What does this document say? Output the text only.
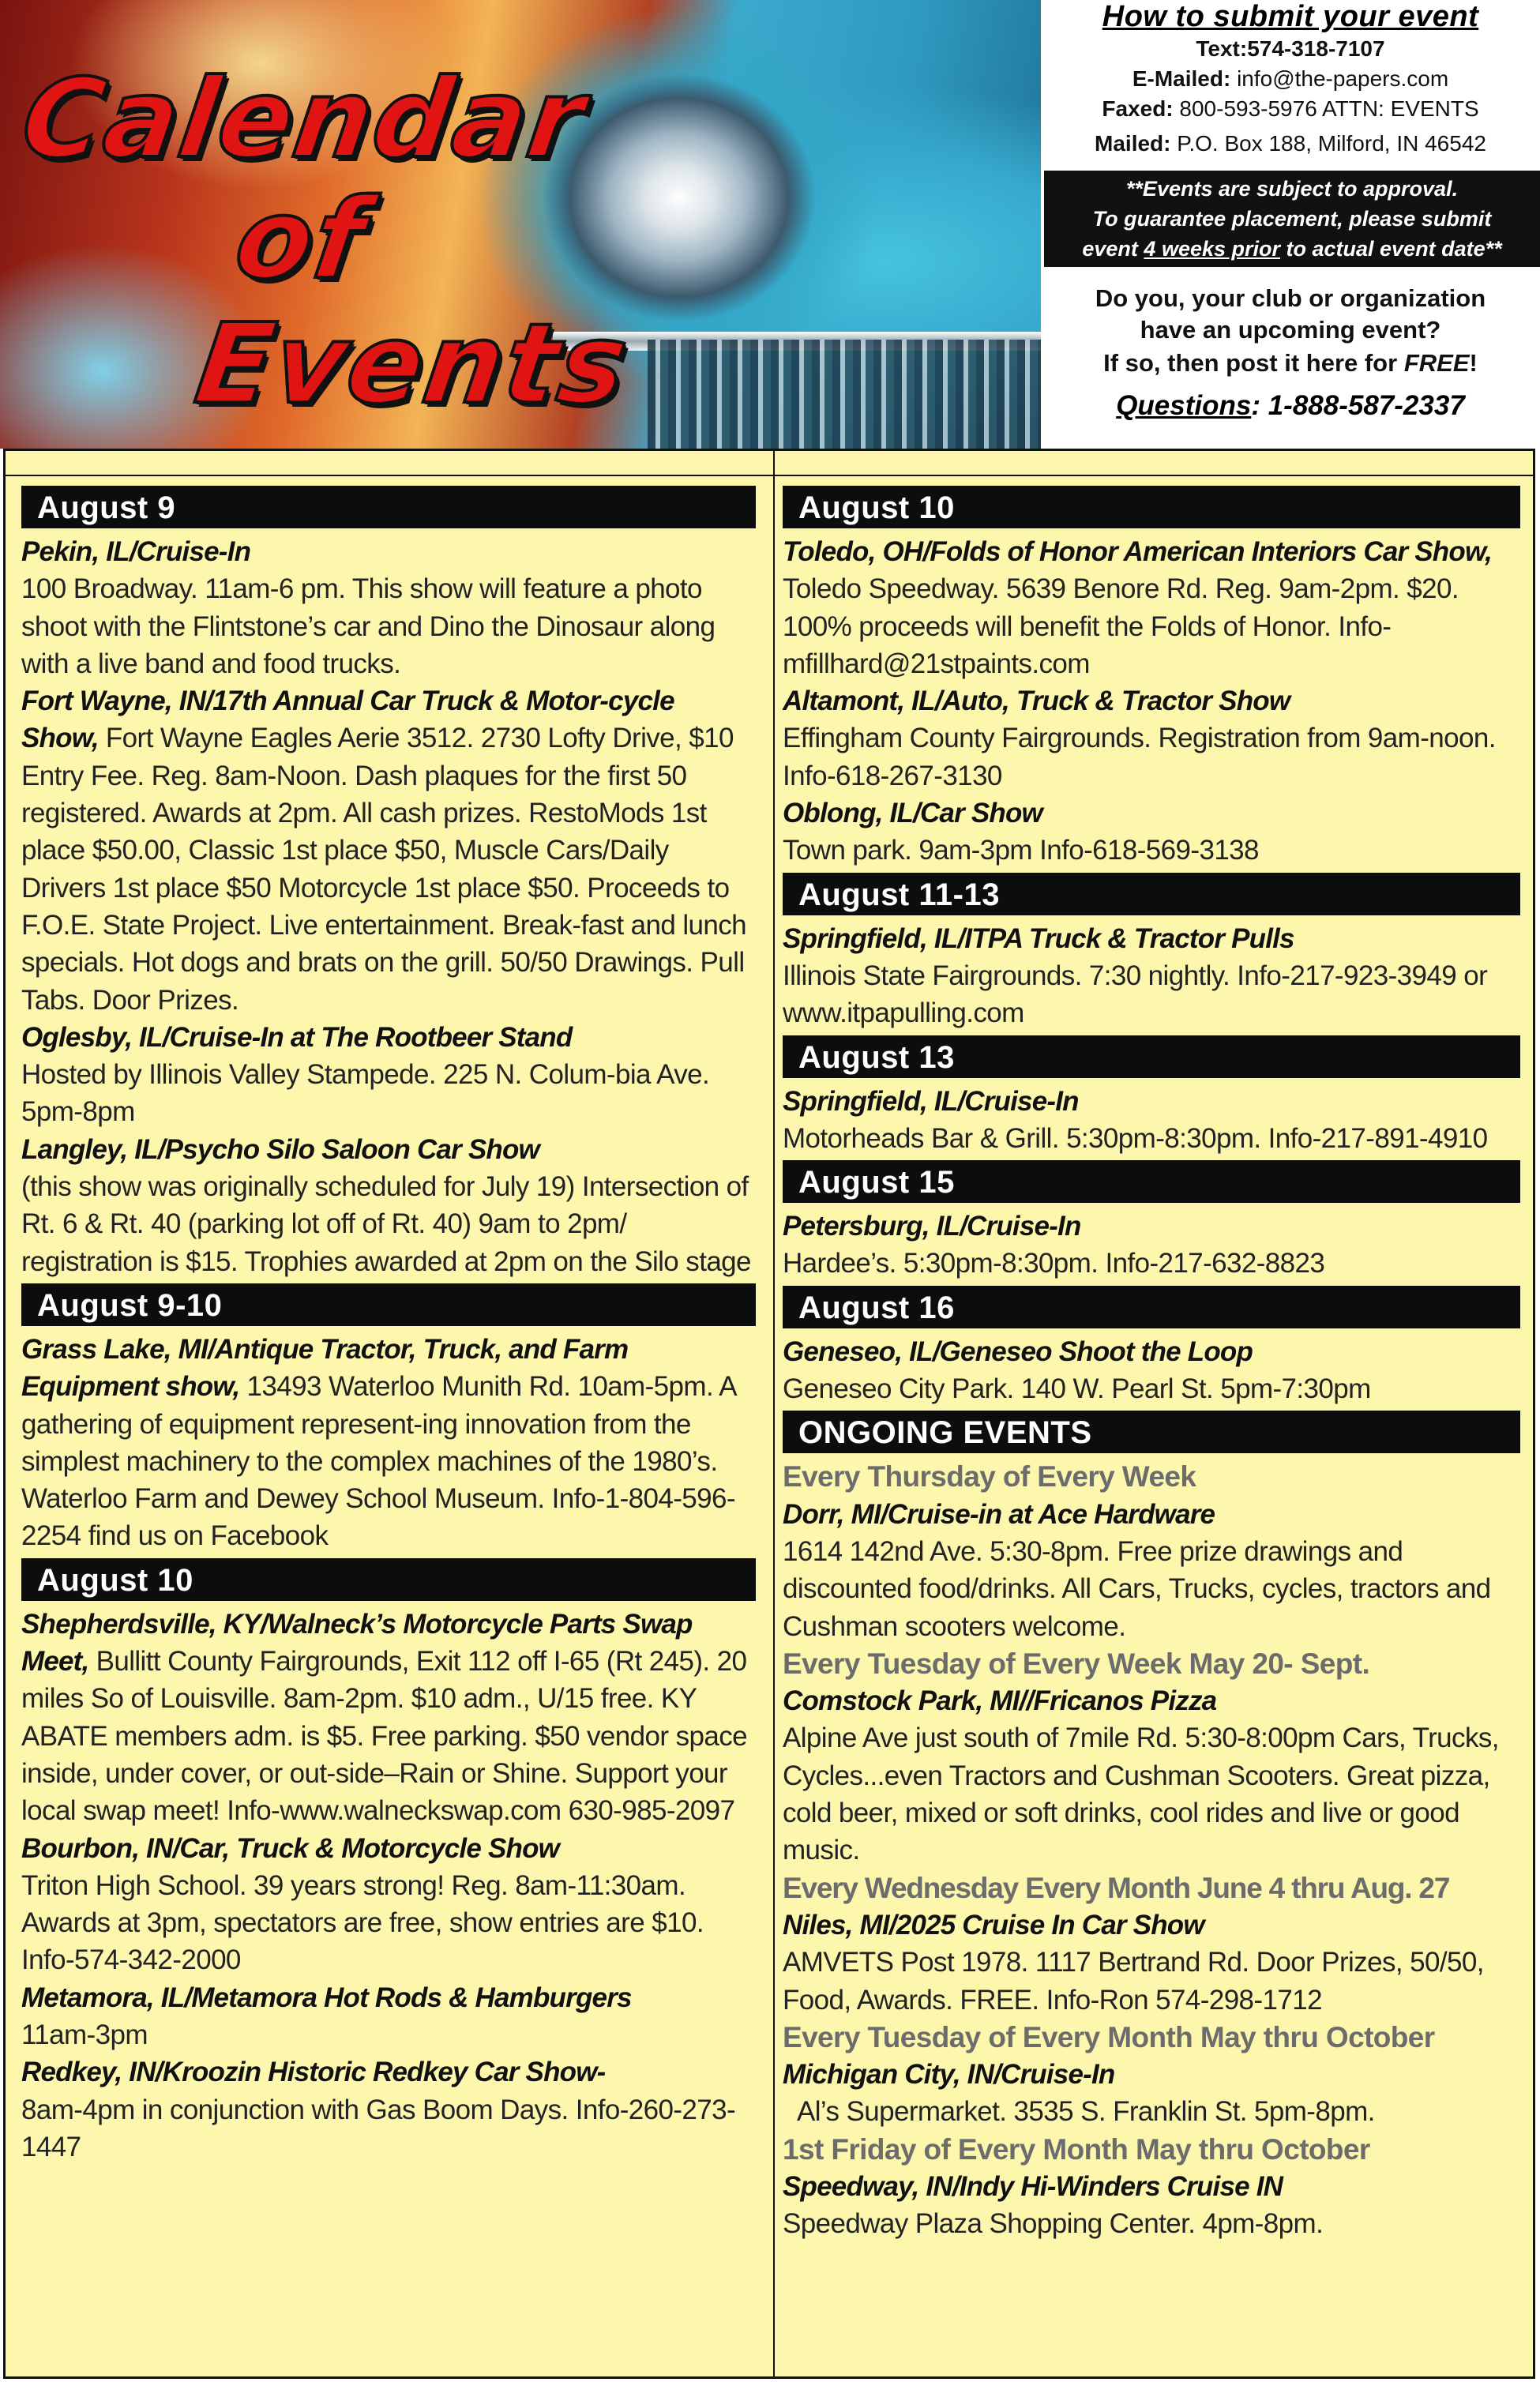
Calendar
of
Events
How to submit your event
Text:574-318-7107
E-Mailed: info@the-papers.com
Faxed: 800-593-5976 ATTN: EVENTS
Mailed: P.O. Box 188, Milford, IN 46542
**Events are subject to approval.
To guarantee placement, please submit
event 4 weeks prior to actual event date**
Do you, your club or organization
have an upcoming event?
If so, then post it here for FREE!
Questions: 1-888-587-2337
August 9

Pekin, IL/Cruise-In
100 Broadway. 11am-6 pm. This show will feature a photo shoot with the Flintstone’s car and Dino the Dinosaur along with a live band and food trucks.

Fort Wayne, IN/17th Annual Car Truck & Motor-cycle Show, Fort Wayne Eagles Aerie 3512. 2730 Lofty Drive, $10 Entry Fee. Reg. 8am-Noon. Dash plaques for the first 50 registered. Awards at 2pm. All cash prizes. RestoMods 1st place $50.00, Classic 1st place $50, Muscle Cars/Daily Drivers 1st place $50 Motorcycle 1st place $50. Proceeds to F.O.E. State Project. Live entertainment. Break-fast and lunch specials. Hot dogs and brats on the grill. 50/50 Drawings. Pull Tabs. Door Prizes.

Oglesby, IL/Cruise-In at The Rootbeer Stand
Hosted by Illinois Valley Stampede. 225 N. Colum-bia Ave. 5pm-8pm

Langley, IL/Psycho Silo Saloon Car Show
(this show was originally scheduled for July 19) Intersection of Rt. 6 & Rt. 40 (parking lot off of Rt. 40) 9am to 2pm/ registration is $15. Trophies awarded at 2pm on the Silo stage

August 9-10

Grass Lake, MI/Antique Tractor, Truck, and Farm Equipment show, 13493 Waterloo Munith Rd. 10am-5pm. A gathering of equipment represent-ing innovation from the simplest machinery to the complex machines of the 1980’s. Waterloo Farm and Dewey School Museum. Info-1-804-596-2254 find us on Facebook

August 10

Shepherdsville, KY/Walneck’s Motorcycle Parts Swap Meet, Bullitt County Fairgrounds, Exit 112 off I-65 (Rt 245). 20 miles So of Louisville. 8am-2pm. $10 adm., U/15 free. KY ABATE members adm. is $5. Free parking. $50 vendor space inside, under cover, or out-side–Rain or Shine. Support your local swap meet! Info-www.walneckswap.com 630-985-2097

Bourbon, IN/Car, Truck & Motorcycle Show
Triton High School. 39 years strong! Reg. 8am-11:30am. Awards at 3pm, spectators are free, show entries are $10. Info-574-342-2000

Metamora, IL/Metamora Hot Rods & Hamburgers
11am-3pm

Redkey, IN/Kroozin Historic Redkey Car Show-
8am-4pm in conjunction with Gas Boom Days. Info-260-273-1447

August 10

Toledo, OH/Folds of Honor American Interiors Car Show, Toledo Speedway. 5639 Benore Rd. Reg. 9am-2pm. $20. 100% proceeds will benefit the Folds of Honor. Info-mfillhard@21stpaints.com

Altamont, IL/Auto, Truck & Tractor Show
Effingham County Fairgrounds. Registration from 9am-noon. Info-618-267-3130

Oblong, IL/Car Show
Town park. 9am-3pm Info-618-569-3138

August 11-13

Springfield, IL/ITPA Truck & Tractor Pulls
Illinois State Fairgrounds. 7:30 nightly. Info-217-923-3949 or www.itpapulling.com

August 13

Springfield, IL/Cruise-In
Motorheads Bar & Grill. 5:30pm-8:30pm. Info-217-891-4910

August 15

Petersburg, IL/Cruise-In
Hardee’s. 5:30pm-8:30pm. Info-217-632-8823

August 16

Geneseo, IL/Geneseo Shoot the Loop
Geneseo City Park. 140 W. Pearl St. 5pm-7:30pm

ONGOING EVENTS
Every Thursday of Every Week

Dorr, MI/Cruise-in at Ace Hardware
1614 142nd Ave. 5:30-8pm. Free prize drawings and discounted food/drinks. All Cars, Trucks, cycles, tractors and Cushman scooters welcome.

Every Tuesday of Every Week May 20- Sept.

Comstock Park, MI//Fricanos Pizza
Alpine Ave just south of 7mile Rd. 5:30-8:00pm Cars, Trucks, Cycles...even Tractors and Cushman Scooters. Great pizza, cold beer, mixed or soft drinks, cool rides and live or good music.

Every Wednesday Every Month June 4 thru Aug. 27

Niles, MI/2025 Cruise In Car Show
AMVETS Post 1978. 1117 Bertrand Rd. Door Prizes, 50/50, Food, Awards. FREE. Info-Ron 574-298-1712

Every Tuesday of Every Month May thru October

Michigan City, IN/Cruise-In

Al’s Supermarket. 3535 S. Franklin St. 5pm-8pm.

1st Friday of Every Month May thru October

Speedway, IN/Indy Hi-Winders Cruise IN
Speedway Plaza Shopping Center. 4pm-8pm.
